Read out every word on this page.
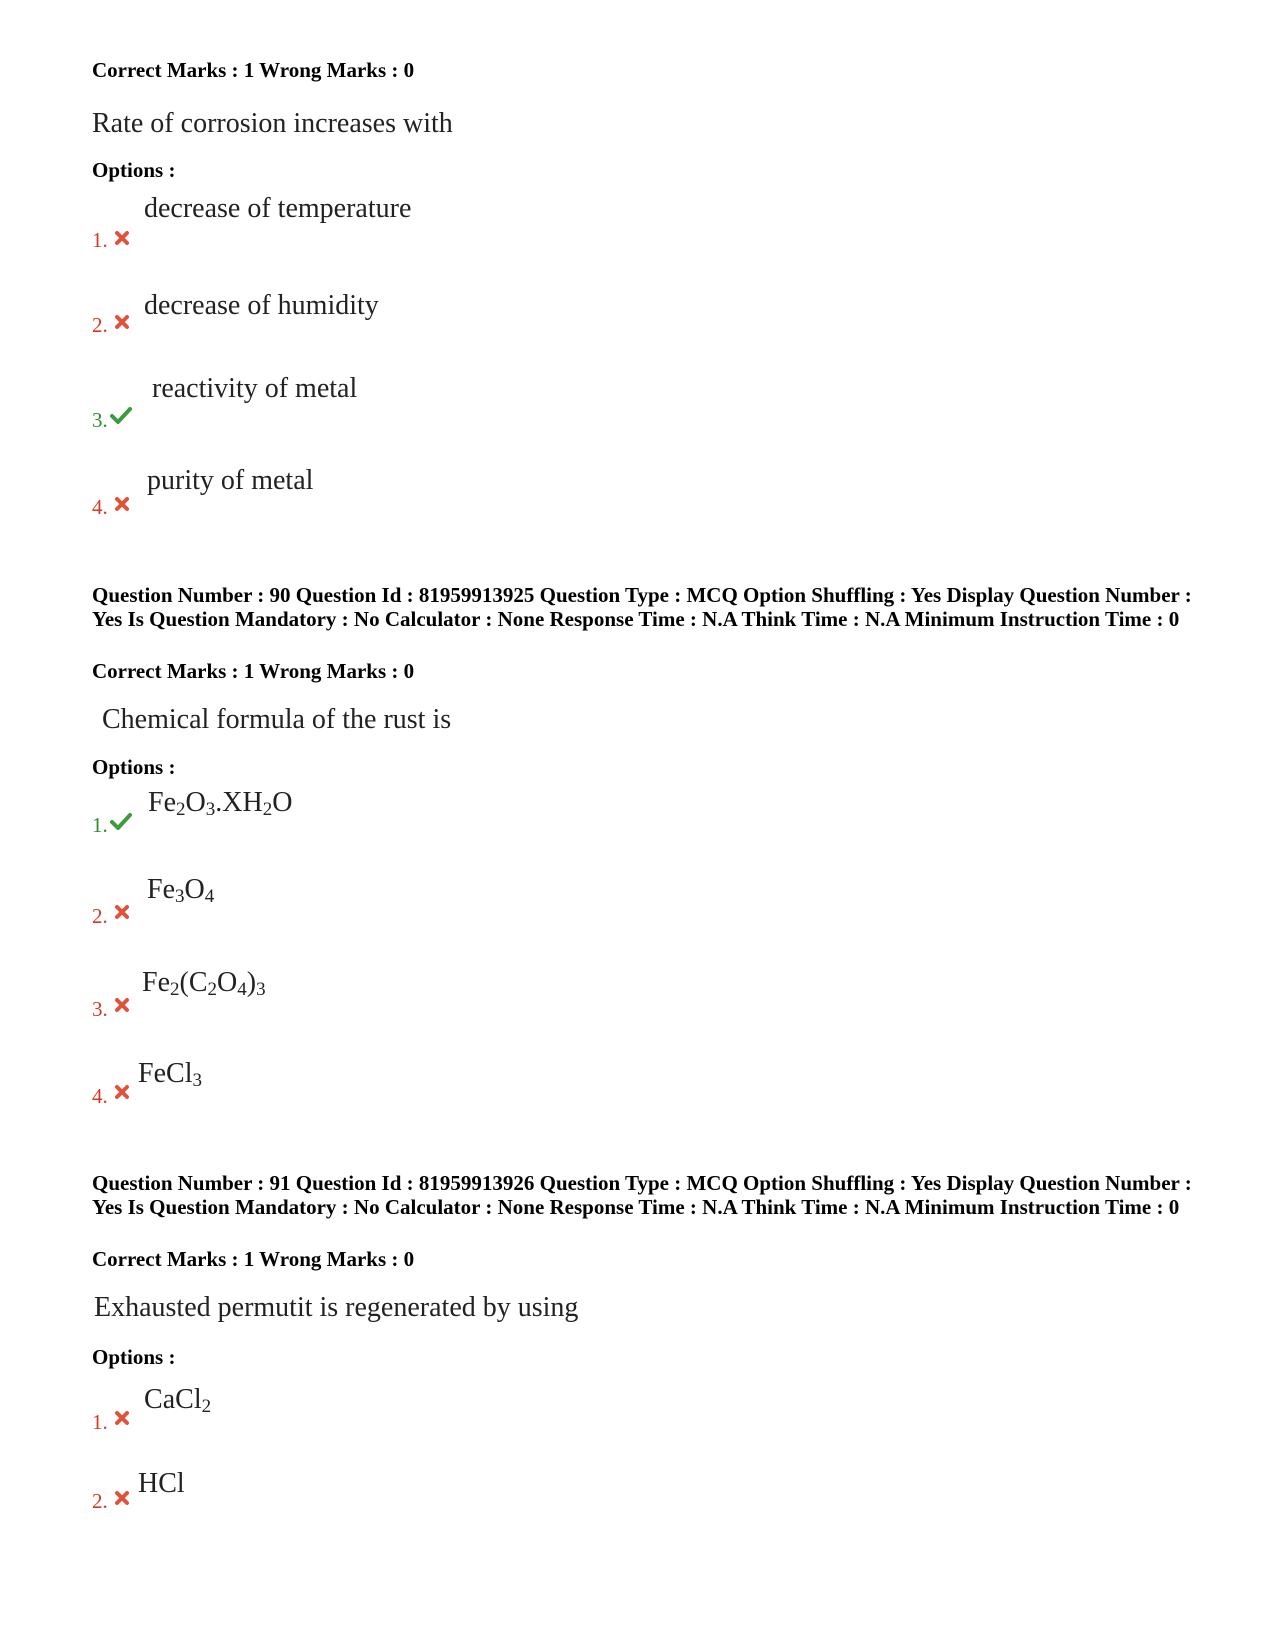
Correct Marks : 1 Wrong Marks : 0

Rate of corrosion increases with
Options :
1.
decrease of temperature
2.
decrease of humidity
3.
reactivity of metal
4.
purity of metal

Question Number : 90 Question Id : 81959913925 Question Type : MCQ Option Shuffling : Yes Display Question Number : Yes Is Question Mandatory : No Calculator : None Response Time : N.A Think Time : N.A Minimum Instruction Time : 0

Correct Marks : 1 Wrong Marks : 0

Chemical formula of the rust is
Options :
1.
$Fe_2O_3.XH_2O$
2.
$Fe_3O_4$
3.
$Fe_2(C_2O_4)_3$
4.
FeCl$_3$

Question Number : 91 Question Id : 81959913926 Question Type : MCQ Option Shuffling : Yes Display Question Number : Yes Is Question Mandatory : No Calculator : None Response Time : N.A Think Time : N.A Minimum Instruction Time : 0

Correct Marks : 1 Wrong Marks : 0

Exhausted permutit is regenerated by using
Options :
1.
CaCl$_2$
2.
HCl
